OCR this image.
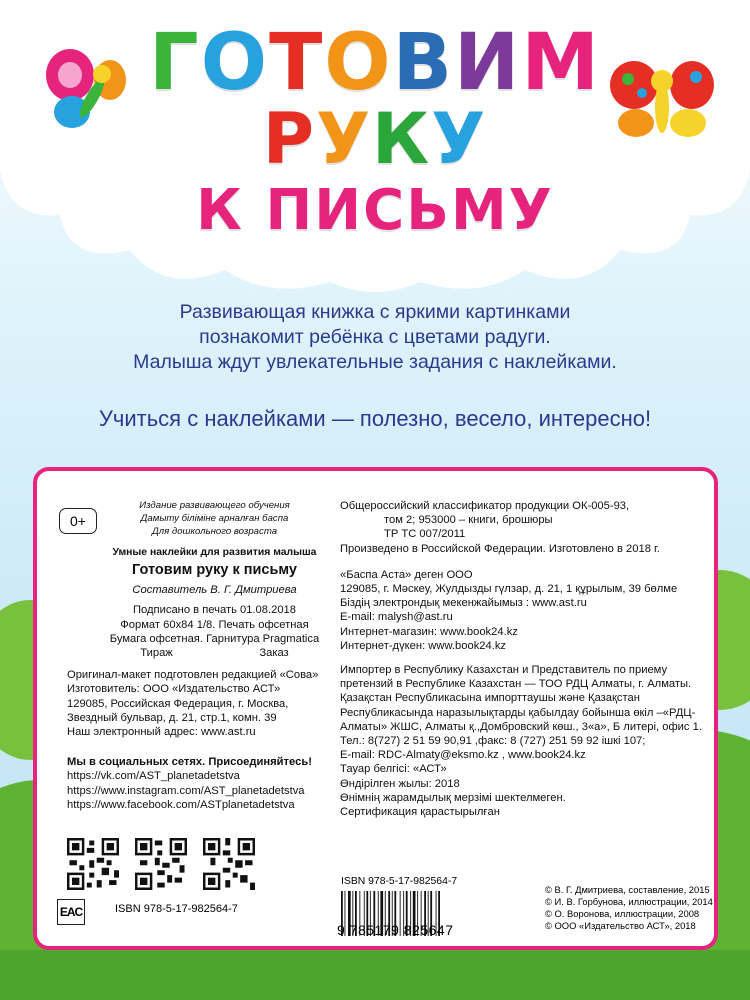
ГОТОВИМ
РУКУ
К ПИСЬМУ
Развивающая книжка с яркими картинками
познакомит ребёнка с цветами радуги.
Малыша ждут увлекательные задания с наклейками.
Учиться с наклейками — полезно, весело, интересно!
0+
Издание развивающего обучения
Дамыту біліміне арналған баспа
Для дошкольного возраста
Умные наклейки для развития малыша
Готовим руку к письму
Составитель В. Г. Дмитриева
Подписано в печать 01.08.2018
Формат 60х84 1/8. Печать офсетная
Бумага офсетная. Гарнитура Pragmatica
Тираж	Заказ
Оригинал-макет подготовлен редакцией «Сова»
Изготовитель: ООО «Издательство АСТ»
129085, Российская Федерация, г. Москва,
Звездный бульвар, д. 21, стр.1, комн. 39
Наш электронный адрес: www.ast.ru
Мы в социальных сетях. Присоединяйтесь!
https://vk.com/AST_planetadetstva
https://www.instagram.com/AST_planetadetstva
https://www.facebook.com/ASTplanetadetstva
EAC	ISBN 978-5-17-982564-7
Общероссийский классификатор продукции ОК-005-93,
том 2; 953000 – книги, брошюры
ТР ТС 007/2011
Произведено в Российской Федерации. Изготовлено в 2018 г.
«Баспа Аста» деген ООО
129085, г. Мәскеу, Жулдызды гүлзар, д. 21, 1 құрылым, 39 бөлме
Біздің электрондық мекенжайымыз : www.ast.ru
E-mail: malysh@ast.ru
Интернет-магазин: www.book24.kz
Интернет-дүкен: www.book24.kz
Импортер в Республику Казахстан и Представитель по приему
претензий в Республике Казахстан — ТОО РДЦ Алматы, г. Алматы.
Қазақстан Республикасына импорттаушы және Қазақстан
Республикасында наразылықтарды қабылдау бойынша өкіл –«РДЦ-
Алматы» ЖШС, Алматы қ.,Домбровский көш., 3«а», Б литері, офис 1.
Тел.: 8(727) 2 51 59 90,91 ,факс: 8 (727) 251 59 92 ішкі 107;
E-mail: RDC-Almaty@eksmo.kz , www.book24.kz
Тауар белгісі: «АСТ»
Өндірілген жылы: 2018
Өнімнің жарамдылық мерзімі шектелмеген.
Сертификация қарастырылған
ISBN 978-5-17-982564-7
9 785179 825647
© В. Г. Дмитриева, составление, 2015
© И. В. Горбунова, иллюстрации, 2014
© О. Воронова, иллюстрации, 2008
© ООО «Издательство АСТ», 2018
